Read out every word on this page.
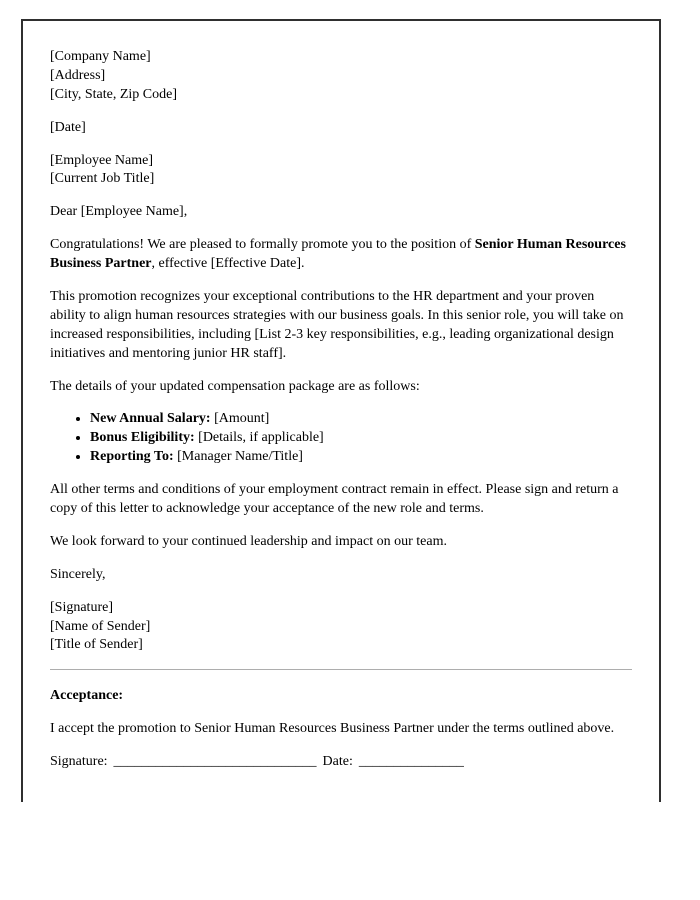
[Company Name]
[Address]
[City, State, Zip Code]
[Date]
[Employee Name]
[Current Job Title]
Dear [Employee Name],
Congratulations! We are pleased to formally promote you to the position of Senior Human Resources Business Partner, effective [Effective Date].
This promotion recognizes your exceptional contributions to the HR department and your proven ability to align human resources strategies with our business goals. In this senior role, you will take on increased responsibilities, including [List 2-3 key responsibilities, e.g., leading organizational design initiatives and mentoring junior HR staff].
The details of your updated compensation package are as follows:
• New Annual Salary: [Amount]
• Bonus Eligibility: [Details, if applicable]
• Reporting To: [Manager Name/Title]
All other terms and conditions of your employment contract remain in effect. Please sign and return a copy of this letter to acknowledge your acceptance of the new role and terms.
We look forward to your continued leadership and impact on our team.
Sincerely,
[Signature]
[Name of Sender]
[Title of Sender]
Acceptance:
I accept the promotion to Senior Human Resources Business Partner under the terms outlined above.
Signature: _____________________________ Date: _______________
